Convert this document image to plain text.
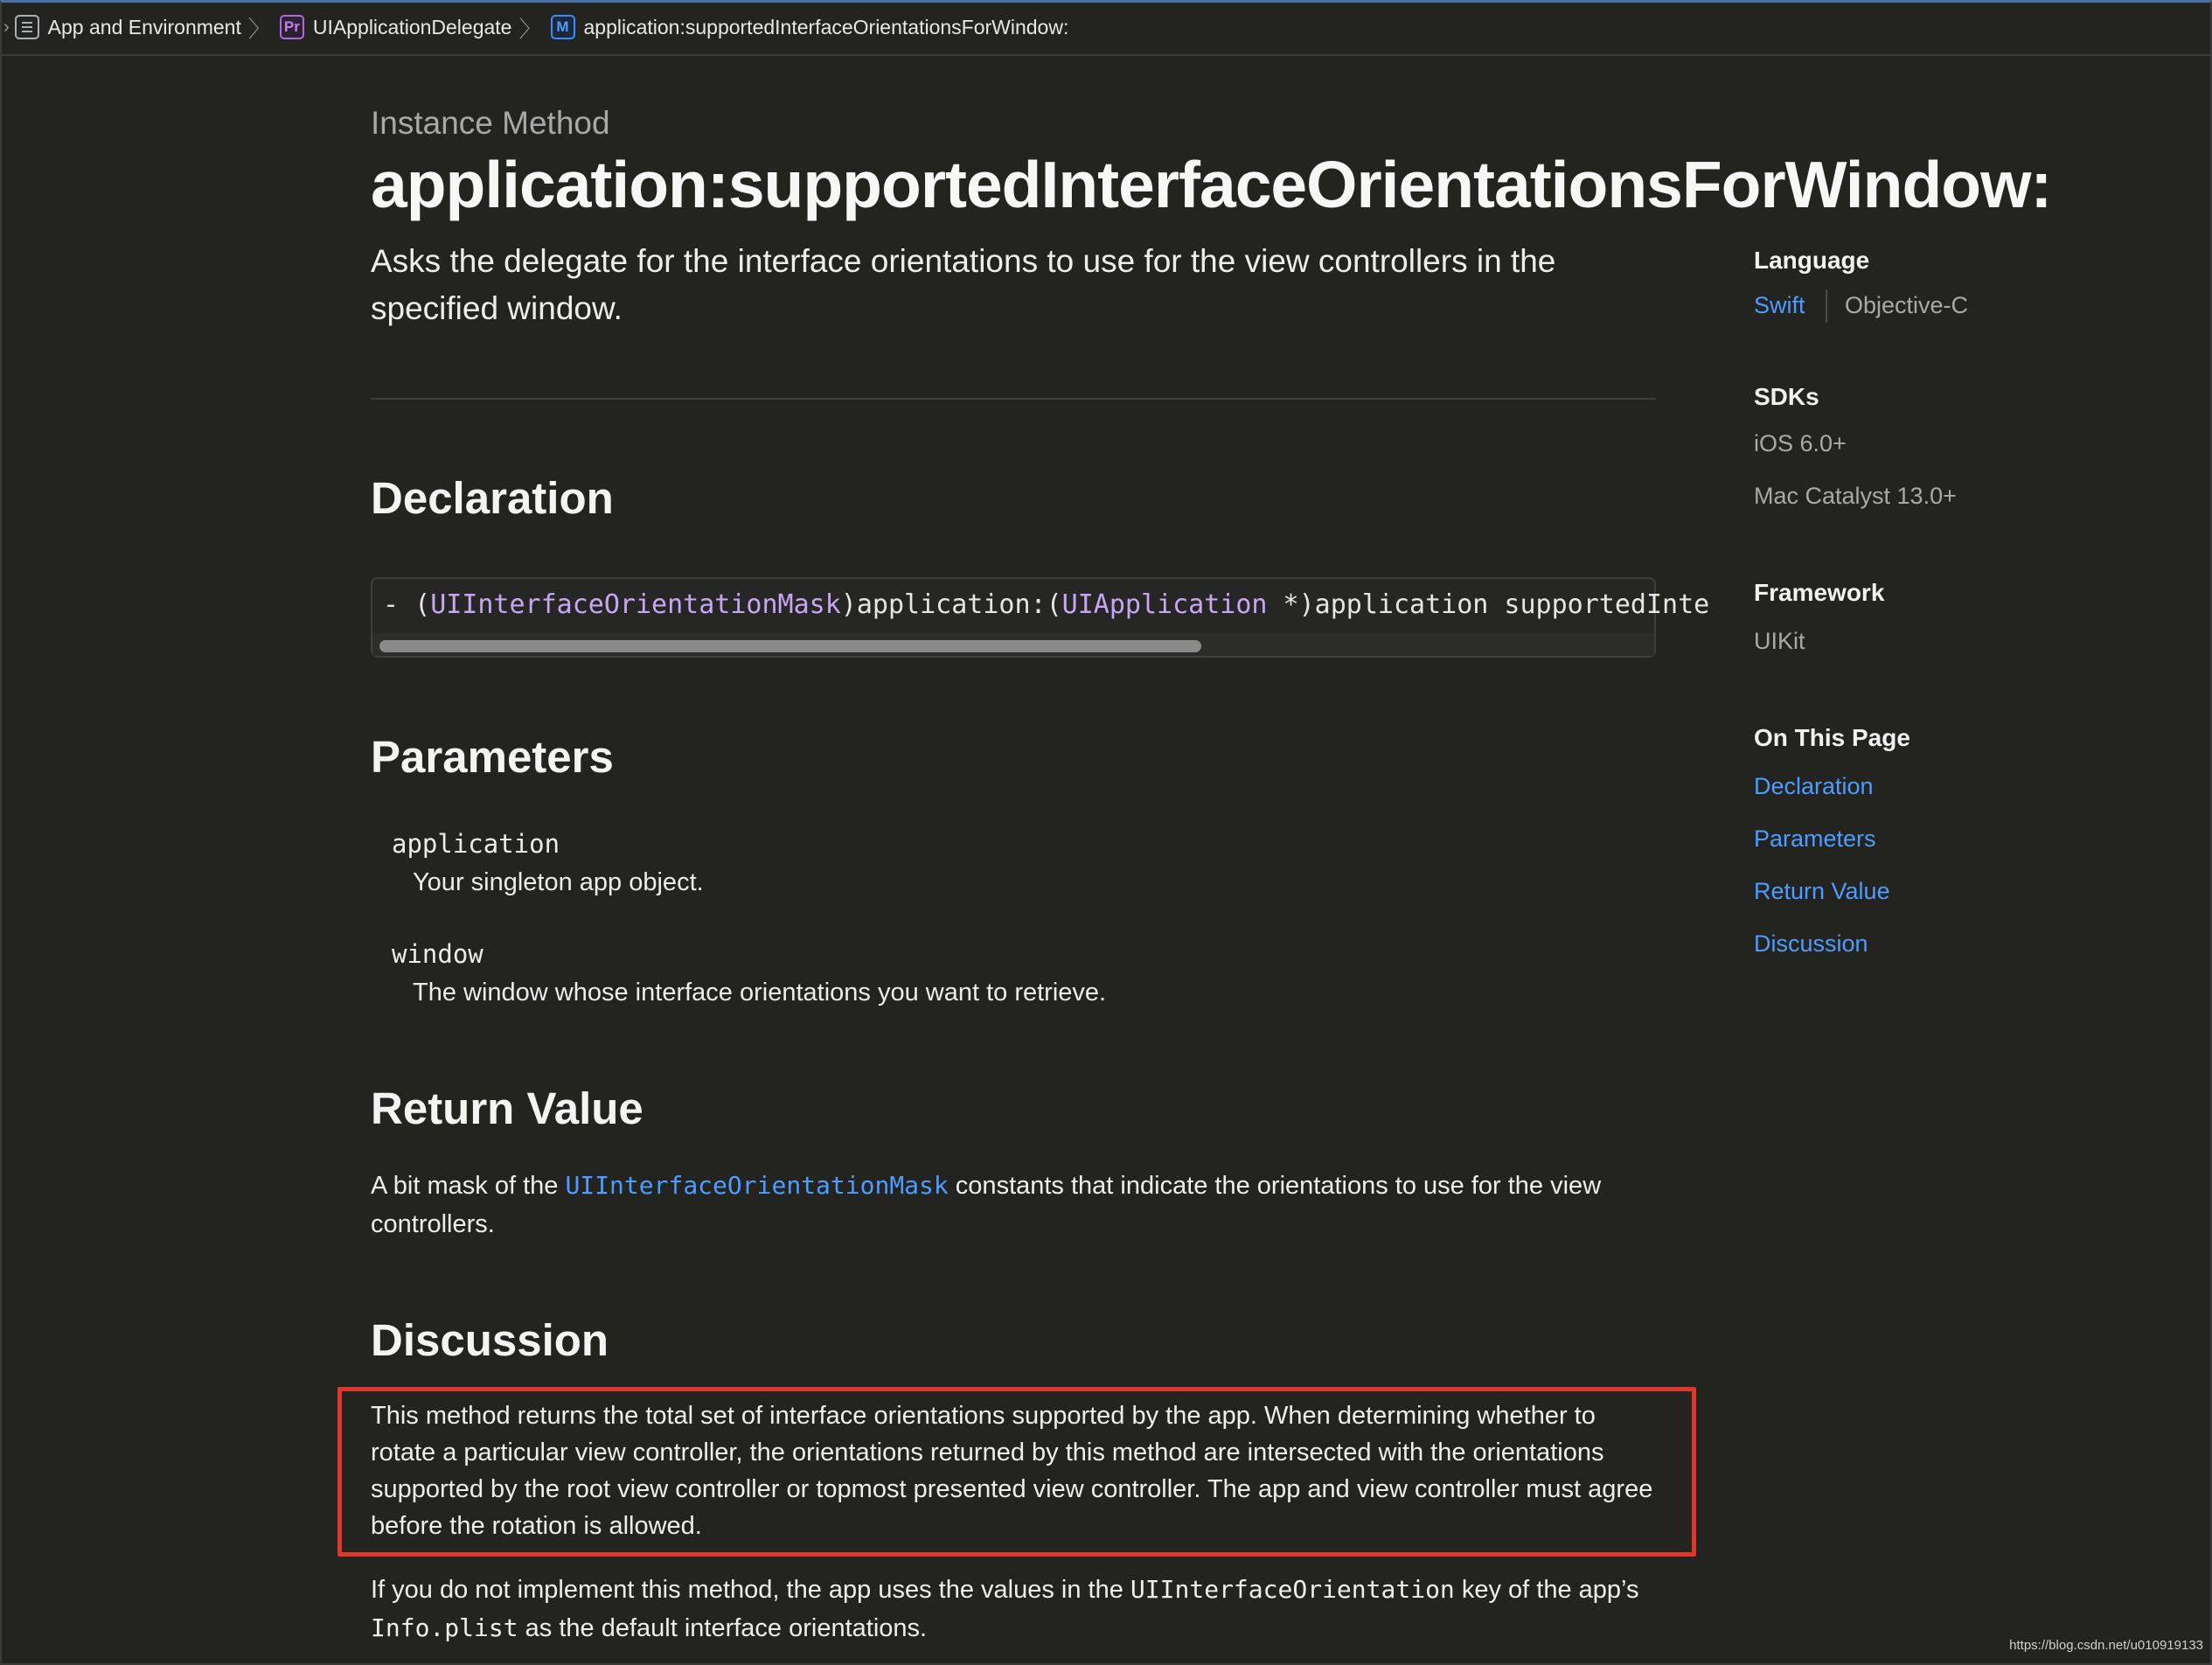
› App and Environment 〉 Pr UIApplicationDelegate 〉 M application:supportedInterfaceOrientationsForWindow:
Instance Method
application:supportedInterfaceOrientationsForWindow:
Asks the delegate for the interface orientations to use for the view controllers in the specified window.
Declaration
- (UIInterfaceOrientationMask)application:(UIApplication *)application supportedInte
Parameters
application
Your singleton app object.
window
The window whose interface orientations you want to retrieve.
Return Value
A bit mask of the UIInterfaceOrientationMask constants that indicate the orientations to use for the view controllers.
Discussion
This method returns the total set of interface orientations supported by the app. When determining whether to rotate a particular view controller, the orientations returned by this method are intersected with the orientations supported by the root view controller or topmost presented view controller. The app and view controller must agree before the rotation is allowed.
If you do not implement this method, the app uses the values in the UIInterfaceOrientation key of the app’s Info.plist as the default interface orientations.
Language
Swift Objective-C
SDKs
iOS 6.0+
Mac Catalyst 13.0+
Framework
UIKit
On This Page
Declaration
Parameters
Return Value
Discussion
https://blog.csdn.net/u010919133
